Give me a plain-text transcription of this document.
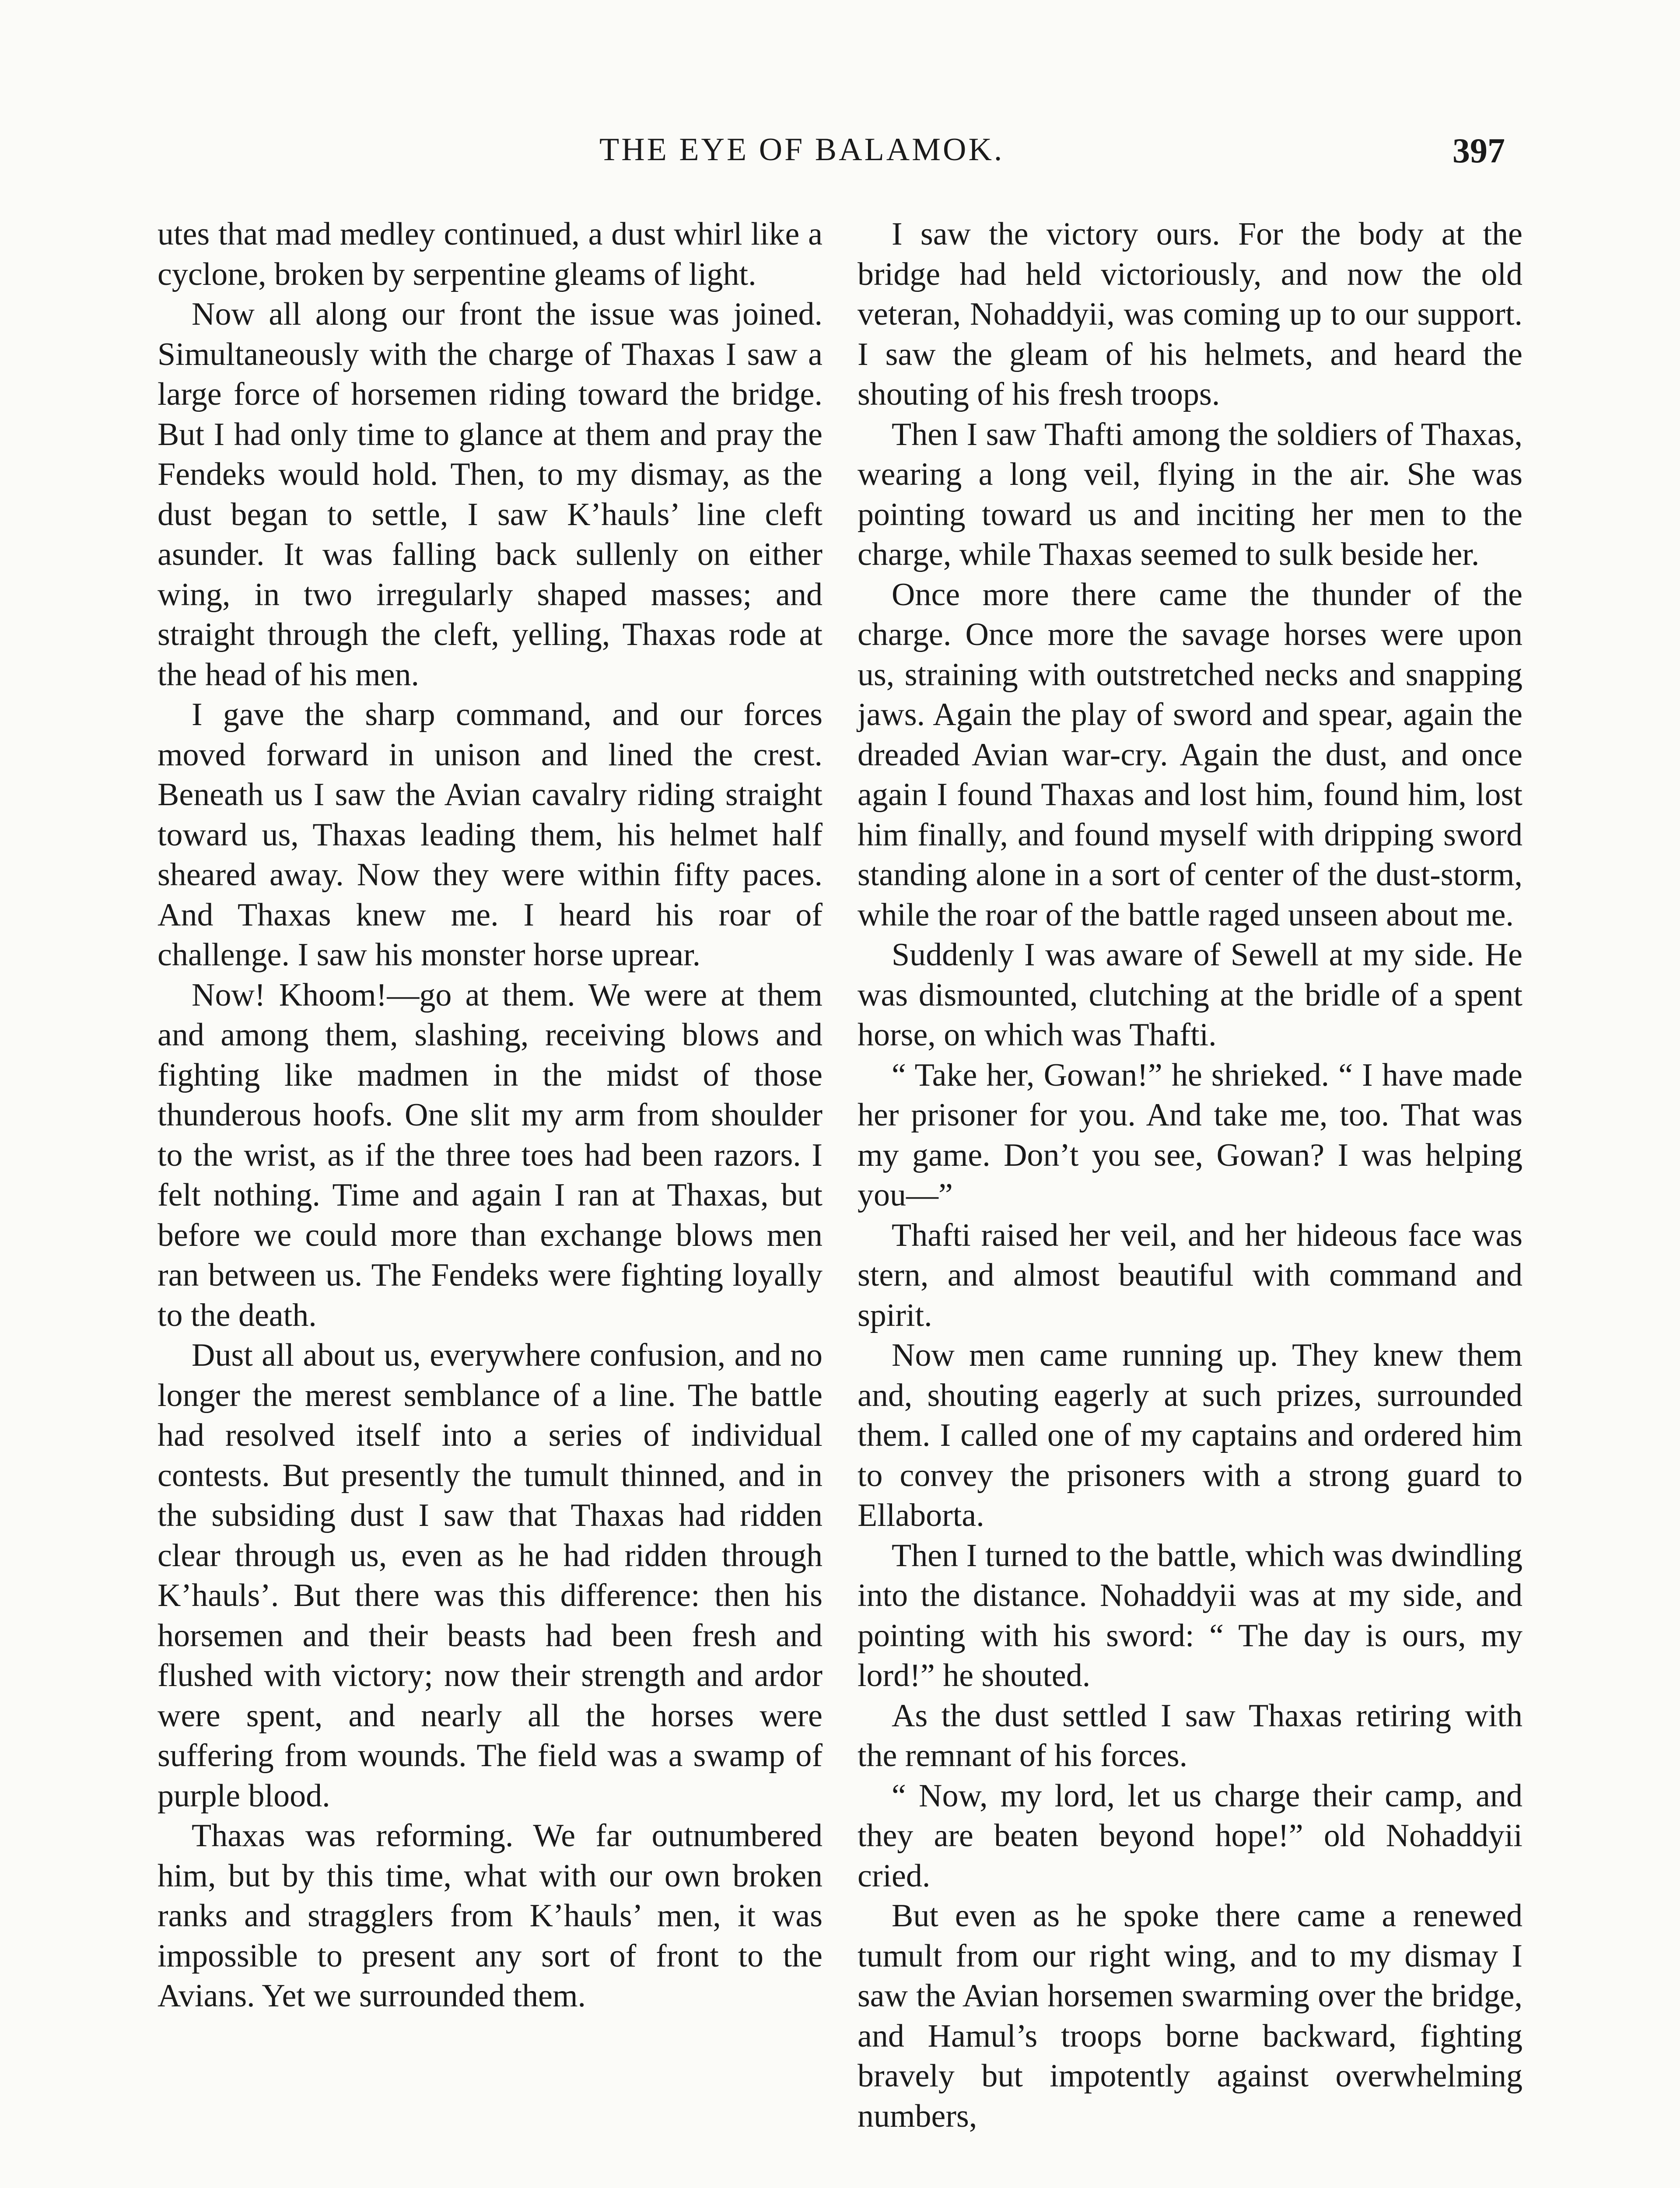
THE EYE OF BALAMOK.	397

utes that mad medley continued, a dust whirl like a cyclone, broken by serpentine gleams of light.

Now all along our front the issue was joined. Simultaneously with the charge of Thaxas I saw a large force of horsemen riding toward the bridge. But I had only time to glance at them and pray the Fendeks would hold. Then, to my dismay, as the dust began to settle, I saw K’hauls’ line cleft asunder. It was falling back sullenly on either wing, in two irregularly shaped masses; and straight through the cleft, yelling, Thaxas rode at the head of his men.

I gave the sharp command, and our forces moved forward in unison and lined the crest. Beneath us I saw the Avian cavalry riding straight toward us, Thaxas leading them, his helmet half sheared away. Now they were within fifty paces. And Thaxas knew me. I heard his roar of challenge. I saw his monster horse uprear.

Now! Khoom!—go at them. We were at them and among them, slashing, receiving blows and fighting like madmen in the midst of those thunderous hoofs. One slit my arm from shoulder to the wrist, as if the three toes had been razors. I felt nothing. Time and again I ran at Thaxas, but before we could more than exchange blows men ran between us. The Fendeks were fighting loyally to the death.

Dust all about us, everywhere confusion, and no longer the merest semblance of a line. The battle had resolved itself into a series of individual contests. But presently the tumult thinned, and in the subsiding dust I saw that Thaxas had ridden clear through us, even as he had ridden through K’hauls’. But there was this difference: then his horsemen and their beasts had been fresh and flushed with victory; now their strength and ardor were spent, and nearly all the horses were suffering from wounds. The field was a swamp of purple blood.

Thaxas was reforming. We far outnumbered him, but by this time, what with our own broken ranks and stragglers from K’hauls’ men, it was impossible to present any sort of front to the Avians. Yet we surrounded them.

I saw the victory ours. For the body at the bridge had held victoriously, and now the old veteran, Nohaddyii, was coming up to our support. I saw the gleam of his helmets, and heard the shouting of his fresh troops.

Then I saw Thafti among the soldiers of Thaxas, wearing a long veil, flying in the air. She was pointing toward us and inciting her men to the charge, while Thaxas seemed to sulk beside her.

Once more there came the thunder of the charge. Once more the savage horses were upon us, straining with outstretched necks and snapping jaws. Again the play of sword and spear, again the dreaded Avian war-cry. Again the dust, and once again I found Thaxas and lost him, found him, lost him finally, and found myself with dripping sword standing alone in a sort of center of the dust-storm, while the roar of the battle raged unseen about me.

Suddenly I was aware of Sewell at my side. He was dismounted, clutching at the bridle of a spent horse, on which was Thafti.

“ Take her, Gowan!” he shrieked. “ I have made her prisoner for you. And take me, too. That was my game. Don’t you see, Gowan? I was helping you—”

Thafti raised her veil, and her hideous face was stern, and almost beautiful with command and spirit.

Now men came running up. They knew them and, shouting eagerly at such prizes, surrounded them. I called one of my captains and ordered him to convey the prisoners with a strong guard to Ellaborta.

Then I turned to the battle, which was dwindling into the distance. Nohaddyii was at my side, and pointing with his sword: “ The day is ours, my lord!” he shouted.

As the dust settled I saw Thaxas retiring with the remnant of his forces.

“ Now, my lord, let us charge their camp, and they are beaten beyond hope!” old Nohaddyii cried.

But even as he spoke there came a renewed tumult from our right wing, and to my dismay I saw the Avian horsemen swarming over the bridge, and Hamul’s troops borne backward, fighting bravely but impotently against overwhelming numbers,
